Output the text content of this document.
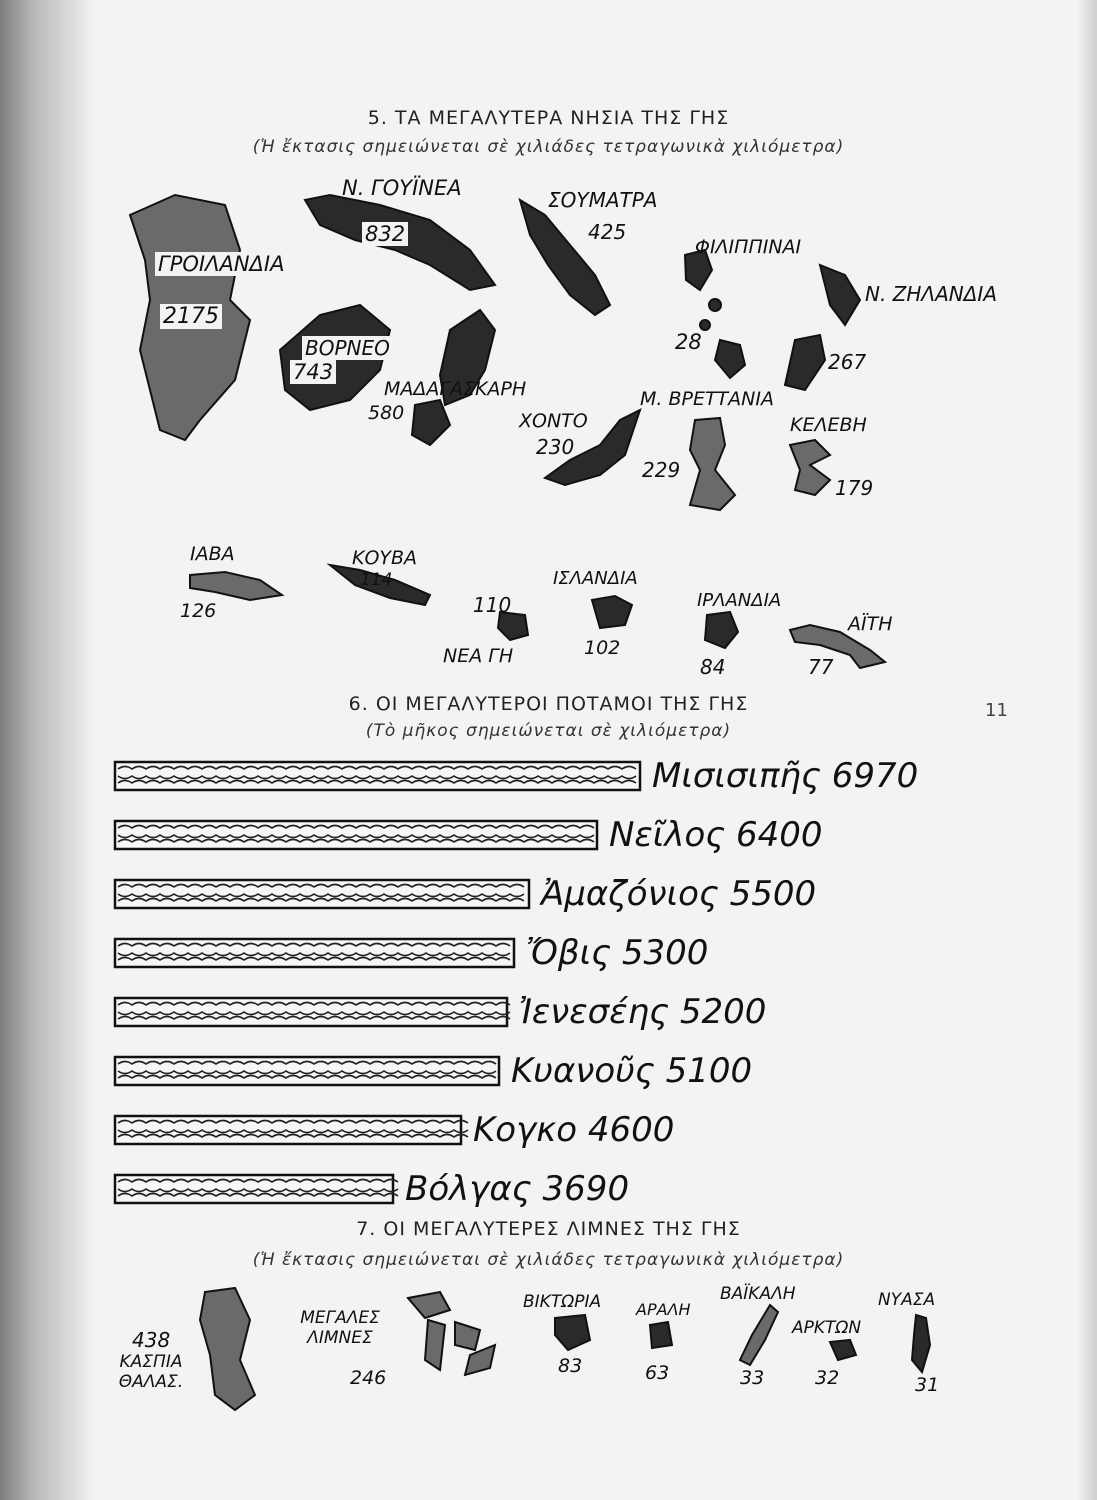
5. ΤΑ ΜΕΓΑΛΥΤΕΡΑ ΝΗΣΙΑ ΤΗΣ ΓΗΣ
(Ἡ ἔκτασις σημειώνεται σὲ χιλιάδες τετραγωνικὰ χιλιόμετρα)
Ν. ΓΟΥΪΝΕΑ
832
ΣΟΥΜΑΤΡΑ
425
ΓΡΟΙΛΑΝΔΙΑ
2175
ΦΙΛΙΠΠΙΝΑΙ
28
Ν. ΖΗΛΑΝΔΙΑ
267
ΒΟΡΝΕΟ
743
ΜΑΔΑΓΑΣΚΑΡΗ
580
Μ. ΒΡΕΤΤΑΝΙΑ
229
ΧΟΝΤΟ
230
ΚΕΛΕΒΗ
179
ΙΑΒΑ
126
ΚΟΥΒΑ
114
110
ΝΕΑ ΓΗ
ΙΣΛΑΝΔΙΑ
102
ΙΡΛΑΝΔΙΑ
84
ΑΪΤΗ
77
6. ΟΙ ΜΕΓΑΛΥΤΕΡΟΙ ΠΟΤΑΜΟΙ ΤΗΣ ΓΗΣ
(Τὸ μῆκος σημειώνεται σὲ χιλιόμετρα)
11
Μισισιπῆς 6970
Νεῖλος 6400
Ἀμαζόνιος 5500
Ὄβις 5300
Ἰενεσέης 5200
Κυανοῦς 5100
Κογκο 4600
Βόλγας 3690
7. ΟΙ ΜΕΓΑΛΥΤΕΡΕΣ ΛΙΜΝΕΣ ΤΗΣ ΓΗΣ
(Ἡ ἔκτασις σημειώνεται σὲ χιλιάδες τετραγωνικὰ χιλιόμετρα)
438
ΚΑΣΠΙΑ ΘΑΛΑΣ.
ΜΕΓΑΛΕΣ ΛΙΜΝΕΣ
246
ΒΙΚΤΩΡΙΑ
83
ΑΡΑΛΗ
63
ΒΑΪΚΑΛΗ
33
ΑΡΚΤΩΝ
32
ΝΥΑΣΑ
31
